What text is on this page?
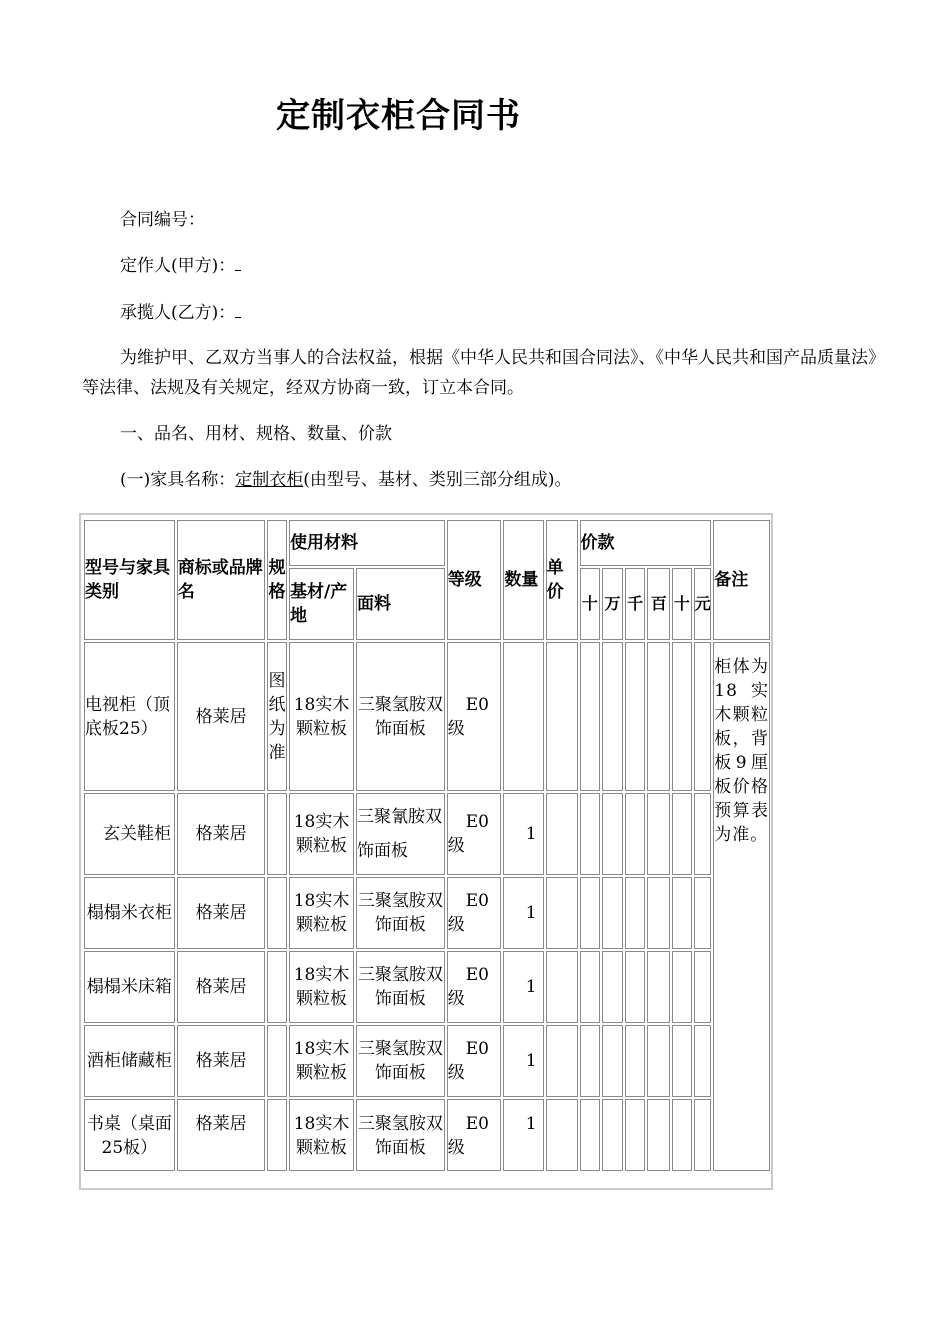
定制衣柜合同书
合同编号：
定作人(甲方)：
承揽人(乙方)：
为维护甲、乙双方当事人的合法权益，根据《中华人民共和国合同法》、《中华人民共和国产品质量法》等法律、法规及有关规定，经双方协商一致，订立本合同。
一、品名、用材、规格、数量、价款
(一)家具名称：定制衣柜(由型号、基材、类别三部分组成)。
型号与家具类别	商标或品牌名	规格	使用材料		等级	数量	单价	价款						备注
			基材/产地	面料				十	万	千	百	十	元	
电视柜（顶底板25）	格莱居	图纸为准	18实木颗粒板	三聚氢胺双饰面板	E0级									柜体为18实木颗粒板，背板9厘板价格预算表为准。
玄关鞋柜	格莱居		18实木颗粒板	三聚氰胺双饰面板	E0级	1								
榻榻米衣柜	格莱居		18实木颗粒板	三聚氢胺双饰面板	E0级	1								
榻榻米床箱	格莱居		18实木颗粒板	三聚氢胺双饰面板	E0级	1								
酒柜储藏柜	格莱居		18实木颗粒板	三聚氢胺双饰面板	E0级	1								
书桌（桌面25板）	格莱居		18实木颗粒板	三聚氢胺双饰面板	E0级	1								
